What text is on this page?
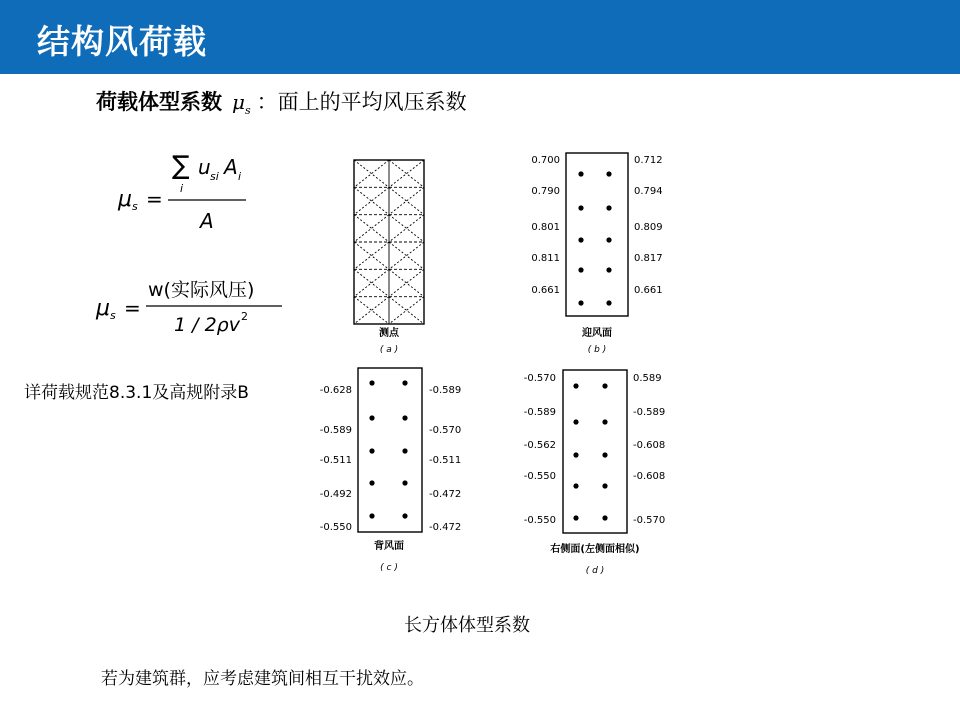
结构风荷载
荷载体型系数 $\mu_s$ ：面上的平均风压系数
μ s =
∑
i
u si A i
A
μ s =
w(实际风压)
1 / 2ρv 2
详荷载规范8.3.1及高规附录B
测点
( a )
0.700
0.790
0.801
0.811
0.661
0.712
0.794
0.809
0.817
0.661
迎风面
( b )
-0.628
-0.589
-0.511
-0.492
-0.550
-0.589
-0.570
-0.511
-0.472
-0.472
背风面
( c )
-0.570
-0.589
-0.562
-0.550
-0.550
0.589
-0.589
-0.608
-0.608
-0.570
右侧面(左侧面相似)
( d )
长方体体型系数
若为建筑群，应考虑建筑间相互干扰效应。
